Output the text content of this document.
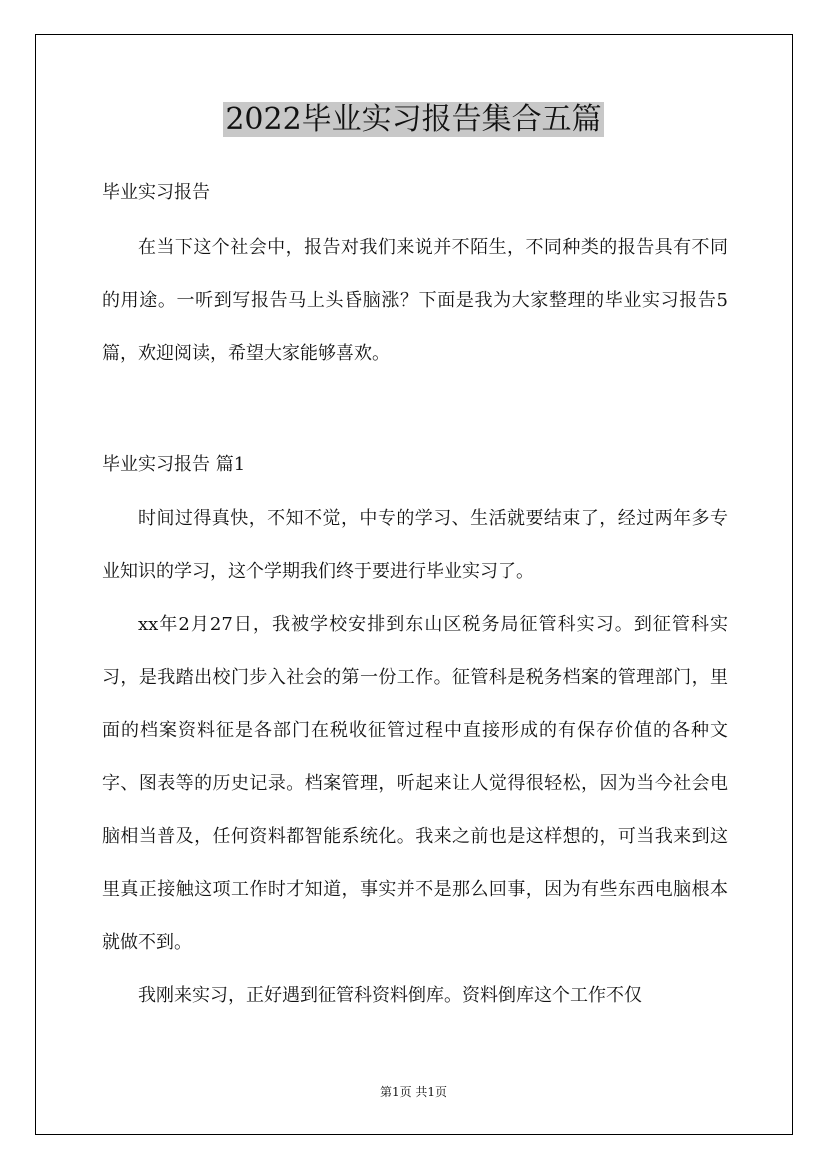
2022毕业实习报告集合五篇
毕业实习报告

在当下这个社会中，报告对我们来说并不陌生，不同种类的报告具有不同的用途。一听到写报告马上头昏脑涨？下面是我为大家整理的毕业实习报告5篇，欢迎阅读，希望大家能够喜欢。

毕业实习报告 篇1

时间过得真快，不知不觉，中专的学习、生活就要结束了，经过两年多专业知识的学习，这个学期我们终于要进行毕业实习了。

xx年2月27日，我被学校安排到东山区税务局征管科实习。到征管科实习，是我踏出校门步入社会的第一份工作。征管科是税务档案的管理部门，里面的档案资料征是各部门在税收征管过程中直接形成的有保存价值的各种文字、图表等的历史记录。档案管理，听起来让人觉得很轻松，因为当今社会电脑相当普及，任何资料都智能系统化。我来之前也是这样想的，可当我来到这里真正接触这项工作时才知道，事实并不是那么回事，因为有些东西电脑根本就做不到。

我刚来实习，正好遇到征管科资料倒库。资料倒库这个工作不仅

第1页 共1页
